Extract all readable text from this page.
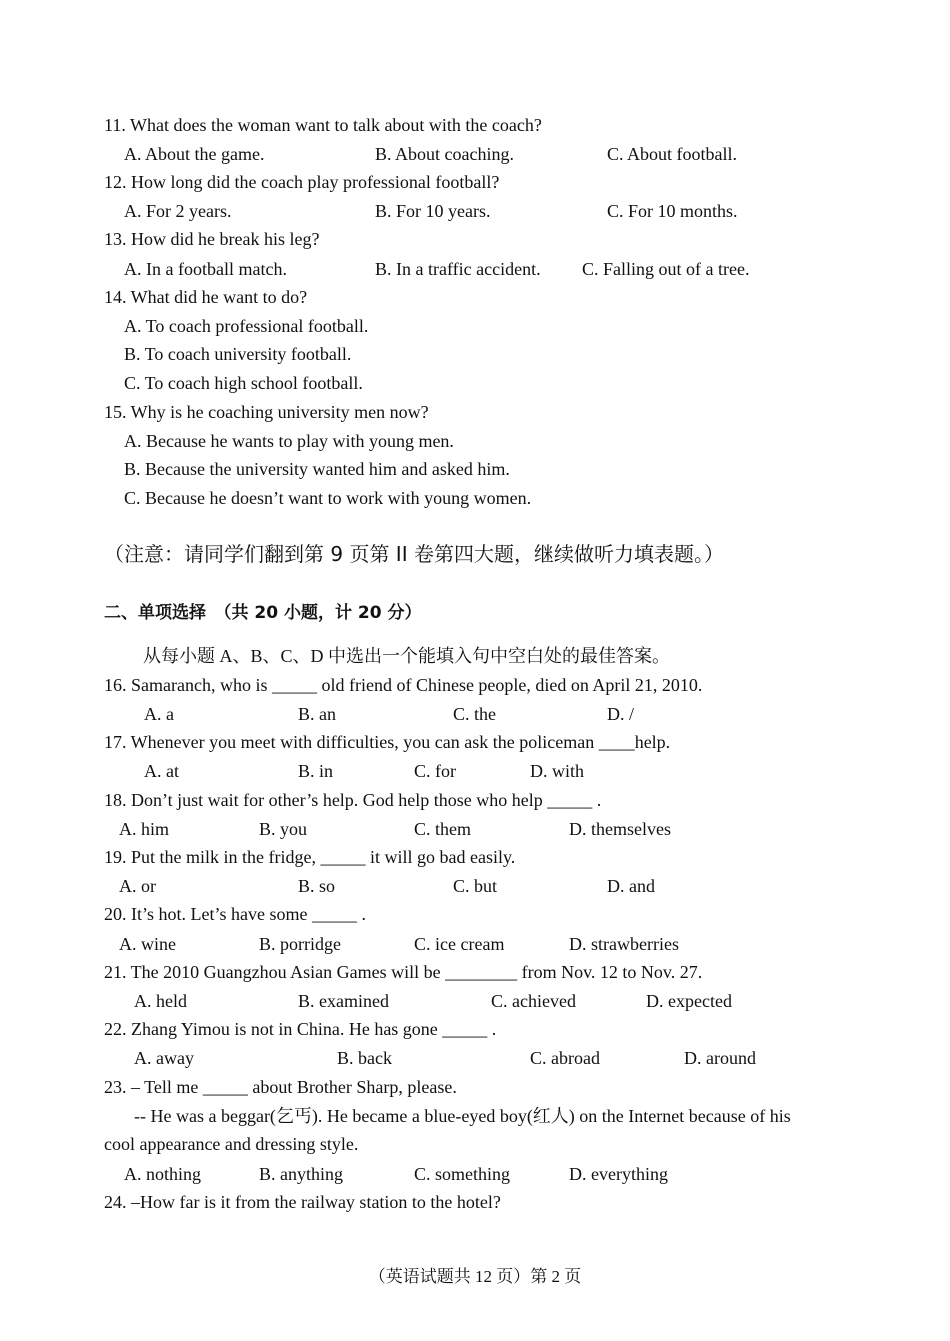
11. What does the woman want to talk about with the coach?
A. About the game.	B. About coaching.	C. About football.
12. How long did the coach play professional football?
A. For 2 years.	B. For 10 years.	C. For 10 months.
13. How did he break his leg?
A. In a football match.	B. In a traffic accident. C. Falling out of a tree.
14. What did he want to do?
A. To coach professional football.
B. To coach university football.
C. To coach high school football.
15. Why is he coaching university men now?
A. Because he wants to play with young men.
B. Because the university wanted him and asked him.
C. Because he doesn’t want to work with young women.
（注意：请同学们翻到第 9 页第 II 卷第四大题，继续做听力填表题。）
二、单项选择　（共 20 小题，计 20 分）
从每小题 A、B、C、D 中选出一个能填入句中空白处的最佳答案。
16. Samaranch, who is _____ old friend of Chinese people, died on April 21, 2010.
A. a	B. an	C. the	D. /
17. Whenever you meet with difficulties, you can ask the policeman ____help.
A. at	B. in	C. for	D. with
18. Don’t just wait for other’s help. God help those who help _____ .
A. him	B. you	C. them	D. themselves
19. Put the milk in the fridge, _____ it will go bad easily.
A. or	B. so	C. but	D. and
20. It’s hot. Let’s have some _____ .
A. wine	B. porridge	C. ice cream	D. strawberries
21. The 2010 Guangzhou Asian Games will be ________ from Nov. 12 to Nov. 27.
A. held	B. examined	C. achieved	D. expected
22. Zhang Yimou is not in China. He has gone _____ .
A. away	B. back	C. abroad	D. around
23. – Tell me _____ about Brother Sharp, please.
-- He was a beggar(乞丐). He became a blue-eyed boy(红人) on the Internet because of his
cool appearance and dressing style.
A. nothing	B. anything	C. something	D. everything
24. –How far is it from the railway station to the hotel?
（英语试题共 12 页）第 2 页
